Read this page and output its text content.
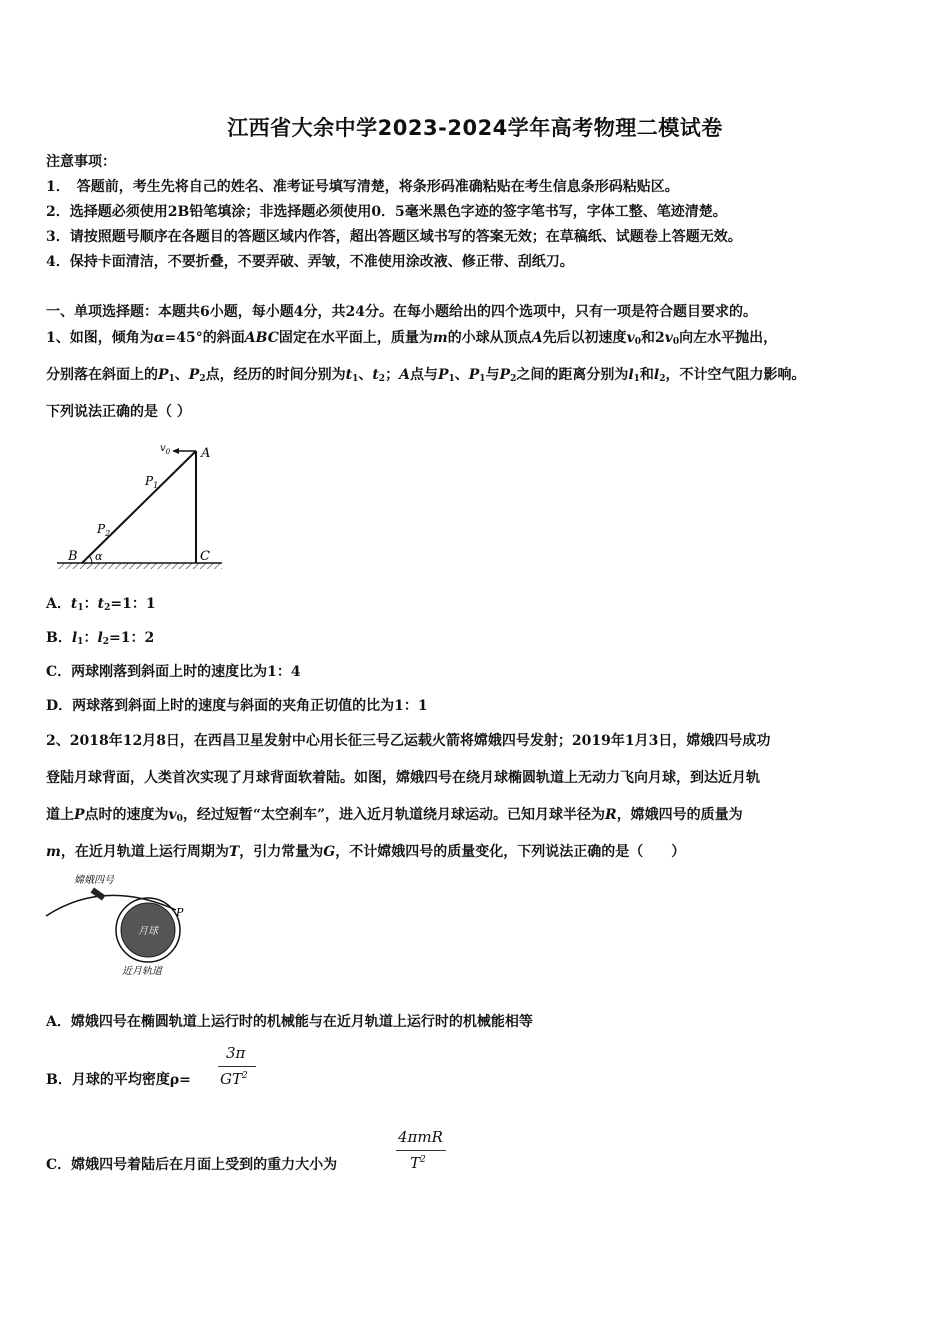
江西省大余中学2023-2024学年高考物理二模试卷
注意事项：
1．　答题前，考生先将自己的姓名、准考证号填写清楚，将条形码准确粘贴在考生信息条形码粘贴区。
2．选择题必须使用2B铅笔填涂；非选择题必须使用0．5毫米黑色字迹的签字笔书写，字体工整、笔迹清楚。
3．请按照题号顺序在各题目的答题区域内作答，超出答题区域书写的答案无效；在草稿纸、试题卷上答题无效。
4．保持卡面清洁，不要折叠，不要弄破、弄皱，不准使用涂改液、修正带、刮纸刀。
一、单项选择题：本题共6小题，每小题4分，共24分。在每小题给出的四个选项中，只有一项是符合题目要求的。
1、如图，倾角为α=45°的斜面ABC固定在水平面上，质量为m的小球从顶点A先后以初速度$v_0$和$2v_0$向左水平抛出，
分别落在斜面上的$P_1$、$P_2$点，经历的时间分别为$t_1$、$t_2$；A点与$P_1$、$P_1$与$P_2$之间的距离分别为$l_1$和$l_2$，不计空气阻力影响。
下列说法正确的是（ ）
$v_0$ A
$P_1$
$P_2$
B α	C
A．$t_1$：$t_2=1$：1
B．$l_1$：$l_2=1$：2
C．两球刚落到斜面上时的速度比为1：4
D．两球落到斜面上时的速度与斜面的夹角正切值的比为1：1
2、2018年12月8日，在西昌卫星发射中心用长征三号乙运载火箭将嫦娥四号发射；2019年1月3日，嫦娥四号成功
登陆月球背面，人类首次实现了月球背面软着陆。如图，嫦娥四号在绕月球椭圆轨道上无动力飞向月球，到达近月轨
道上P点时的速度为$v_0$，经过短暂“太空刹车”，进入近月轨道绕月球运动。已知月球半径为R，嫦娥四号的质量为
m，在近月轨道上运行周期为T，引力常量为G，不计嫦娥四号的质量变化，下列说法正确的是（　　）
嫦娥四号
月球
近月轨道
P
A．嫦娥四号在椭圆轨道上运行时的机械能与在近月轨道上运行时的机械能相等
B．月球的平均密度ρ=
3π
$GT^2$
C．嫦娥四号着陆后在月面上受到的重力大小为
4πmR
$T^2$
